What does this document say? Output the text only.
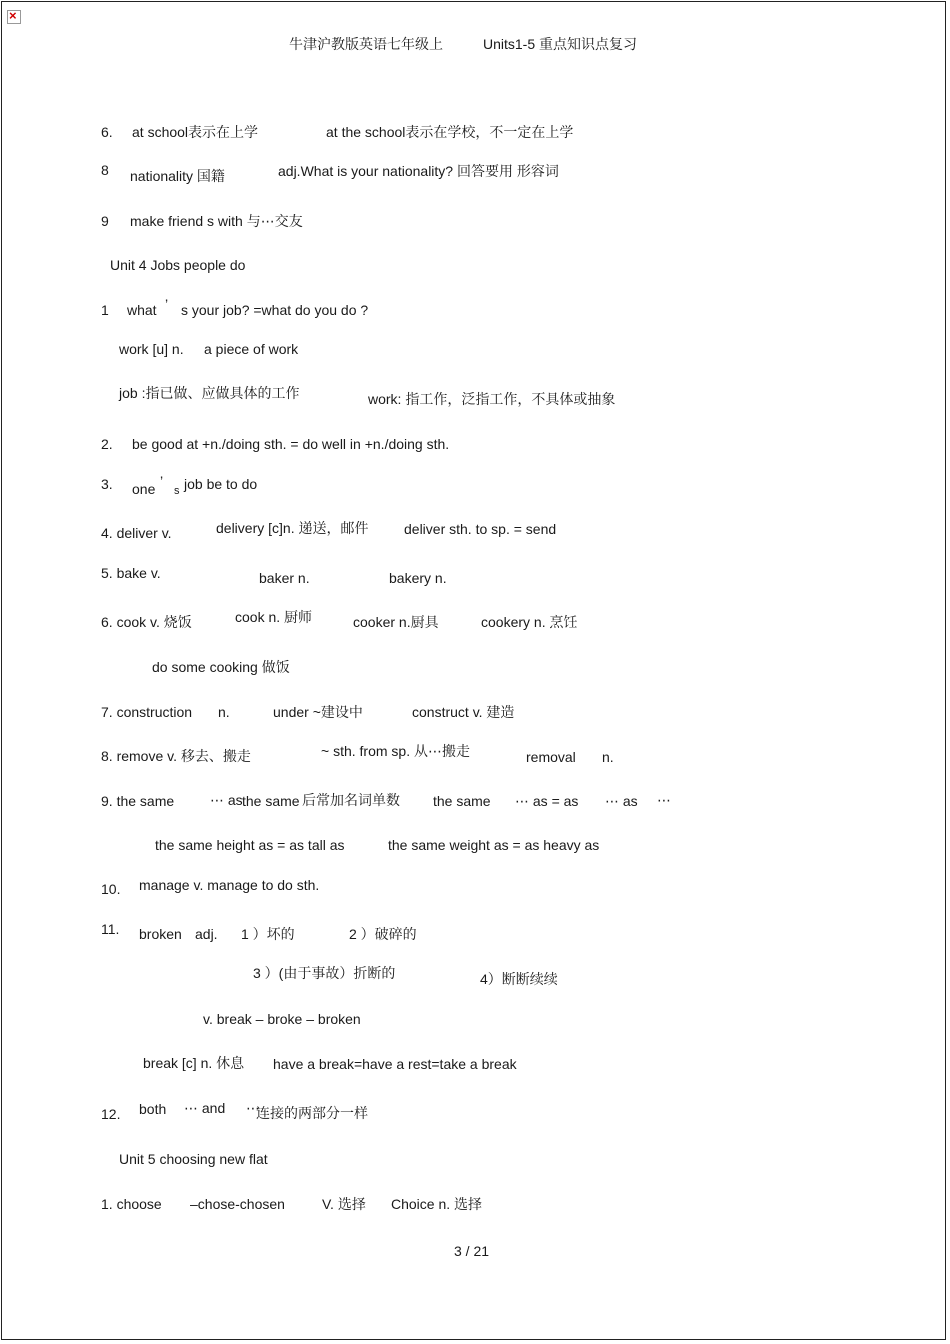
×
牛津沪教版英语七年级上	Units1-5 重点知识点复习
6. at school表示在上学	at the school表示在学校，不一定在上学
8 nationality 国籍	adj.What is your nationality? 回答要用 形容词
9 make friend s with 与⋯交友
Unit 4 Jobs people do
1 what ’ s your job? =what do you do ?
work [u] n. a piece of work
job :指已做、应做具体的工作	work: 指工作，泛指工作，不具体或抽象
2. be good at +n./doing sth. = do well in +n./doing sth.
3. one ’
s job be to do
4. deliver v.	delivery [c]n. 递送，邮件	deliver sth. to sp. = send
5. bake v.	baker n.	bakery n.
6. cook v. 烧饭	cook n. 厨师	cooker n.厨具	cookery n. 烹饪
do some cooking 做饭
7. construction n.	under ~建设中	construct v. 建造
8. remove v. 移去、搬走	~ sth. from sp. 从⋯搬走	removal n.
9. the same	⋯ as the same 后常加名词单数 the same ⋯ as = as ⋯ as ⋯
the same height as = as tall as	the same weight as = as heavy as
10. manage v. manage to do sth.
11. broken adj. 1 ）坏的	2 ）破碎的
3 ）(由于事故）折断的	4）断断续续
v. break – broke – broken
break [c] n. 休息 have a break=have a rest=take a break
12. both ⋯ and ⋯
连接的两部分一样
Unit 5 choosing new flat
1. choose –chose-chosen	V. 选择 Choice n. 选择
3 / 21
